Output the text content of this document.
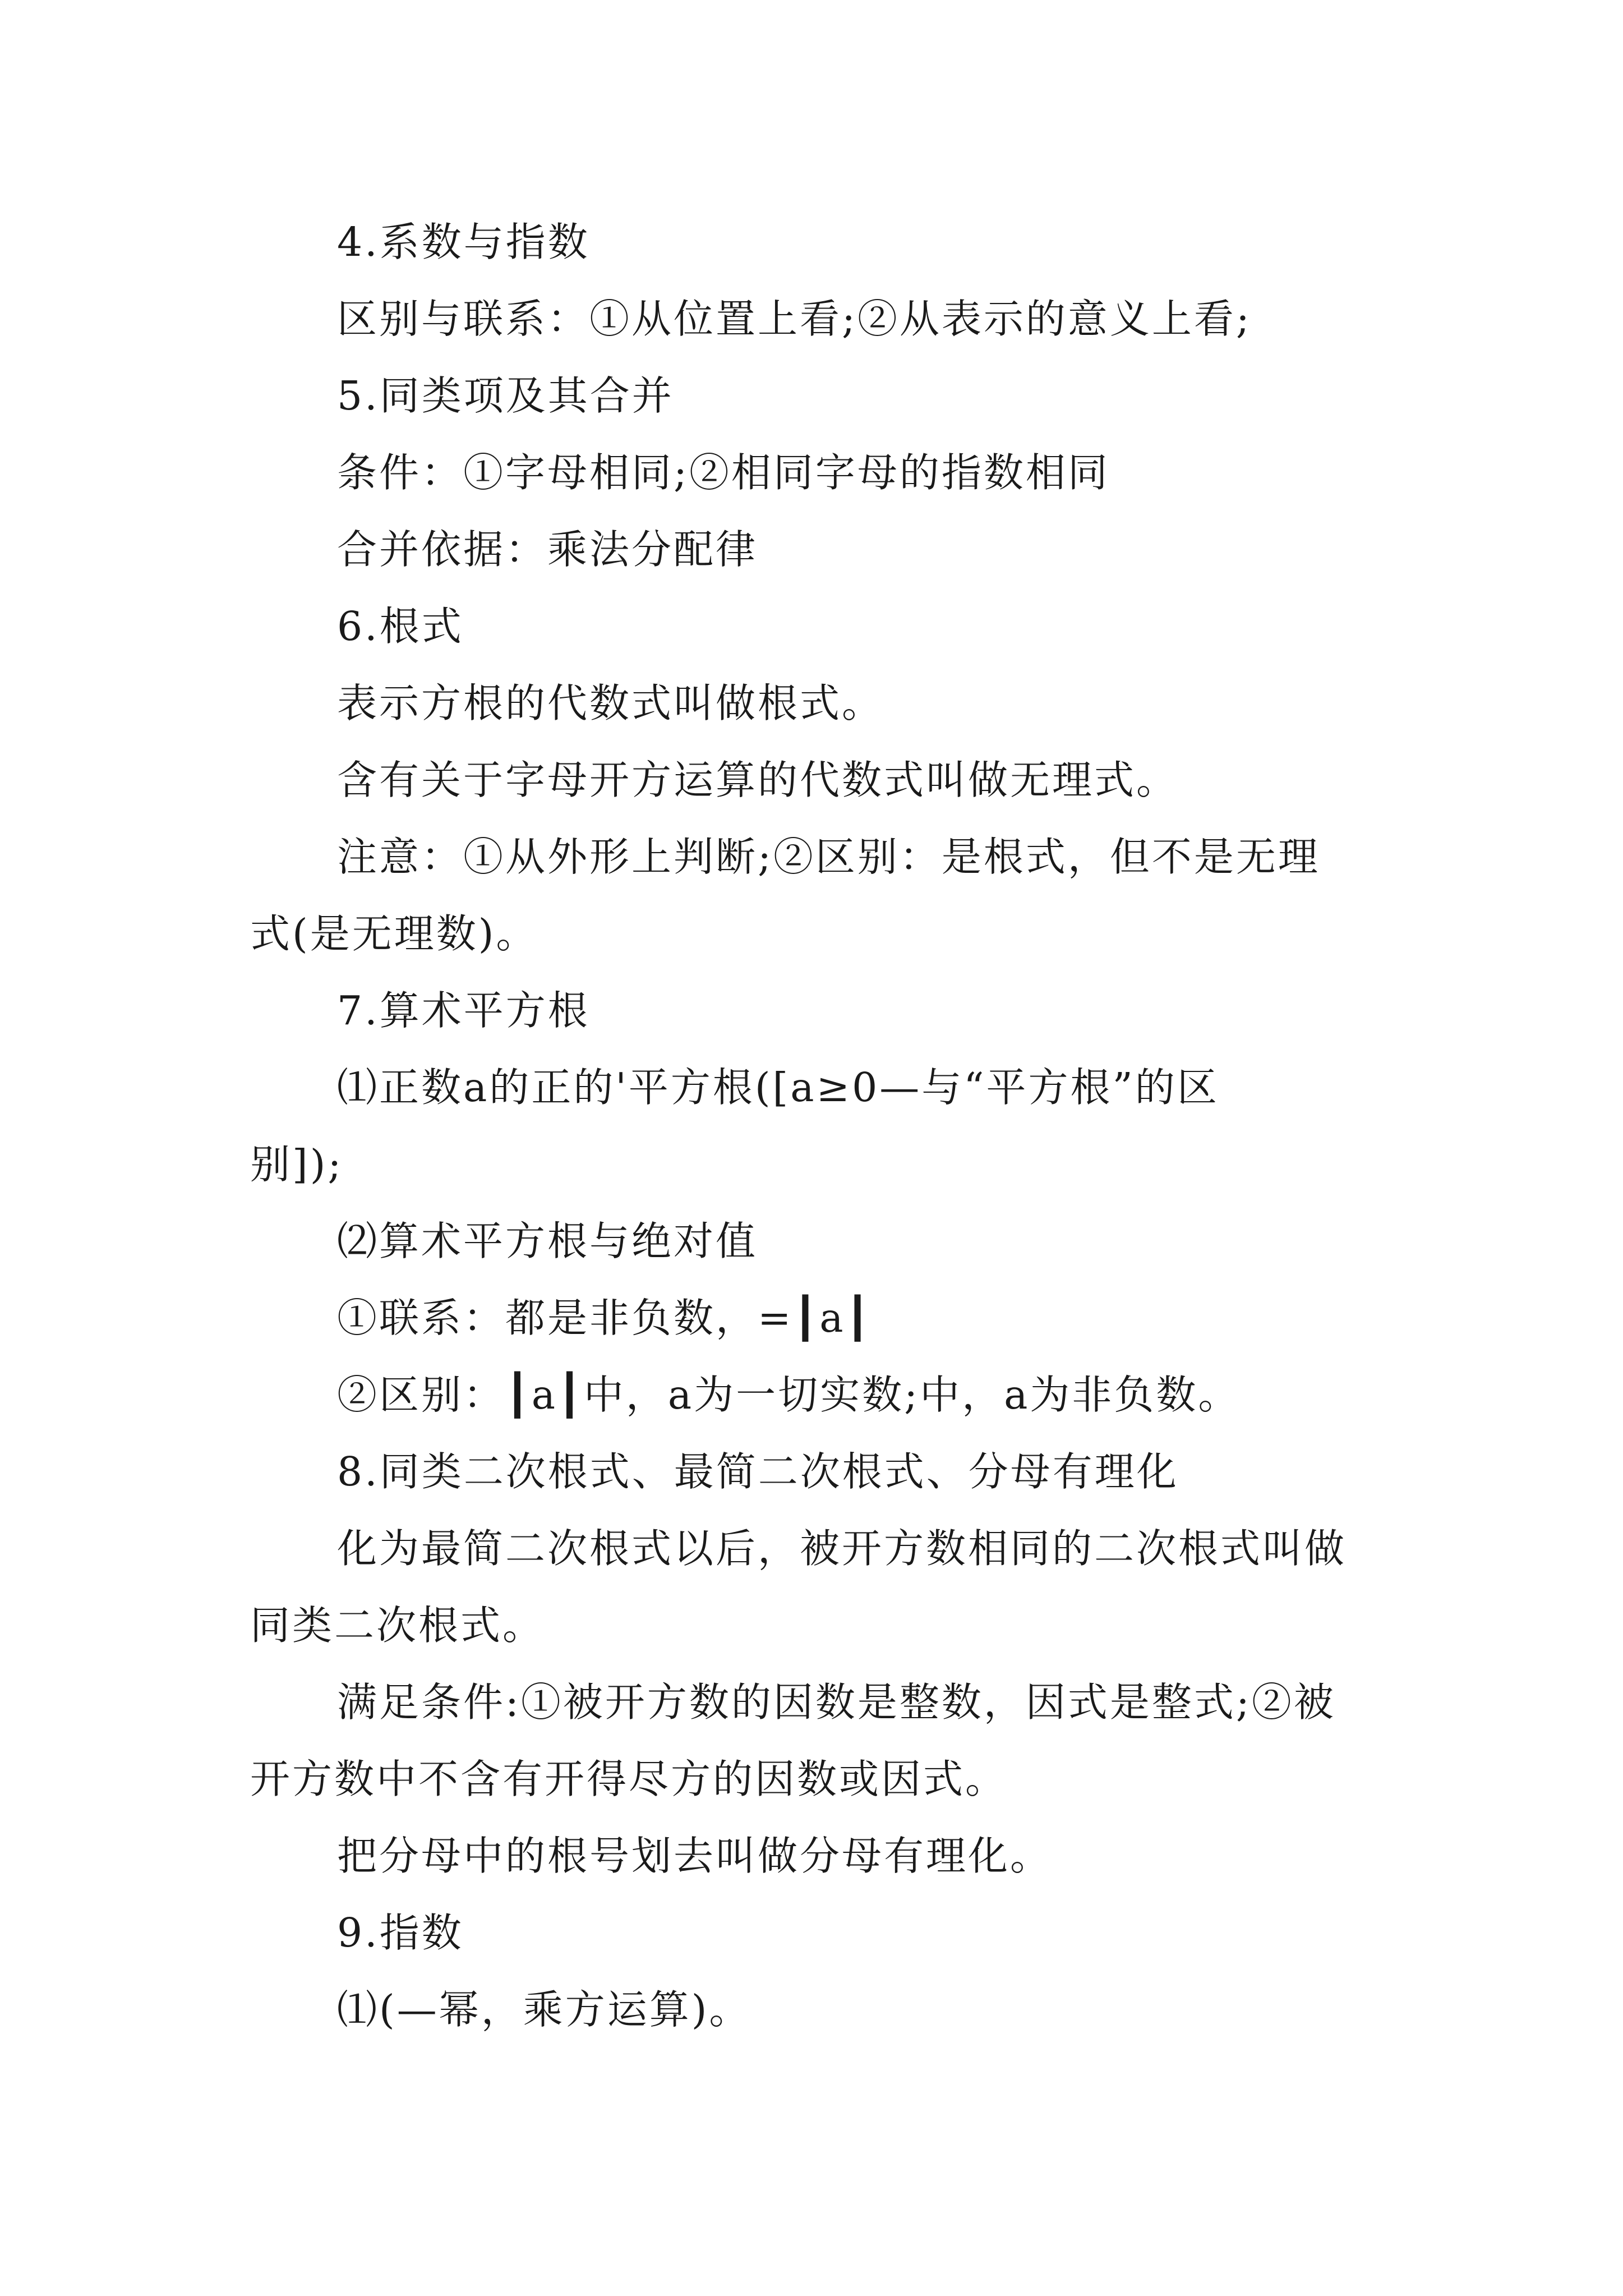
4.系数与指数
区别与联系：①从位置上看;②从表示的意义上看;
5.同类项及其合并
条件：①字母相同;②相同字母的指数相同
合并依据：乘法分配律
6.根式
表示方根的代数式叫做根式。
含有关于字母开方运算的代数式叫做无理式。
注意：①从外形上判断;②区别：是根式，但不是无理
式(是无理数)。
7.算术平方根
⑴正数a的正的'平方根([a≥0—与“平方根”的区
别]);
⑵算术平方根与绝对值
①联系：都是非负数，=┃a┃
②区别：┃a┃中，a为一切实数;中，a为非负数。
8.同类二次根式、最简二次根式、分母有理化
化为最简二次根式以后，被开方数相同的二次根式叫做
同类二次根式。
满足条件:①被开方数的因数是整数，因式是整式;②被
开方数中不含有开得尽方的因数或因式。
把分母中的根号划去叫做分母有理化。
9.指数
⑴(—幂，乘方运算)。
